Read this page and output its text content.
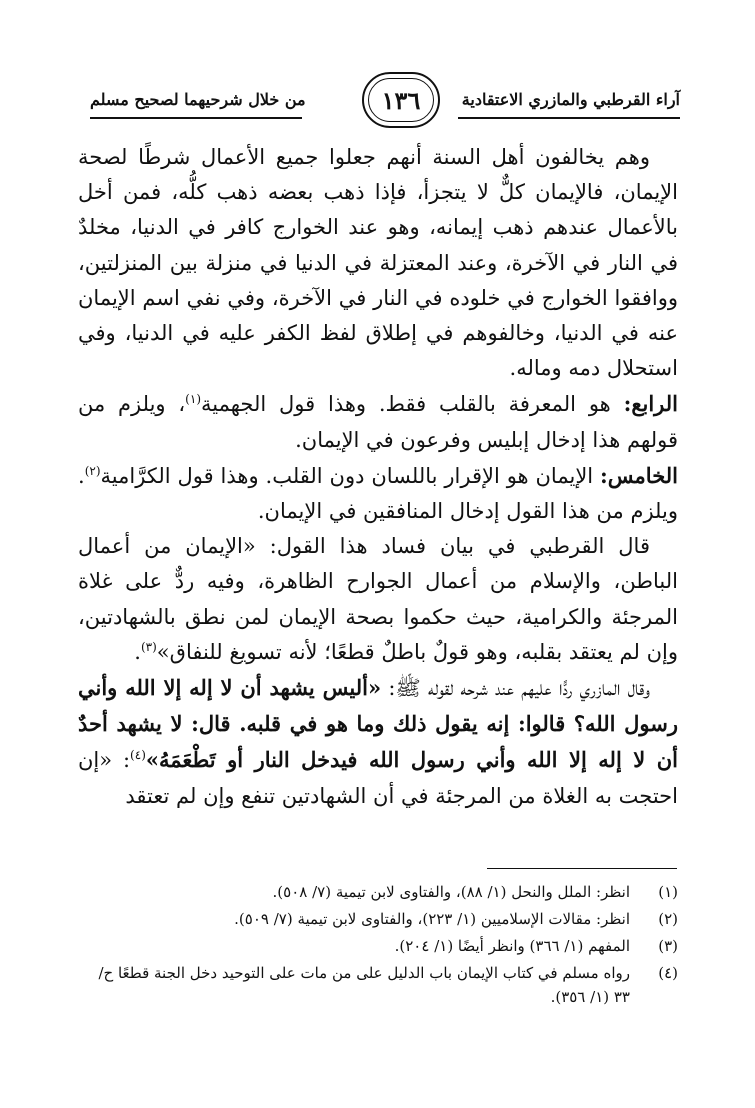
آراء القرطبي والمازري الاعتقادية
١٣٦
من خلال شرحيهما لصحيح مسلم

وهم يخالفون أهل السنة أنهم جعلوا جميع الأعمال شرطًا لصحة الإيمان، فالإيمان كلٌّ لا يتجزأ، فإذا ذهب بعضه ذهب كلُّه، فمن أخل بالأعمال عندهم ذهب إيمانه، وهو عند الخوارج كافر في الدنيا، مخلدٌ في النار في الآخرة، وعند المعتزلة في الدنيا في منزلة بين المنزلتين، ووافقوا الخوارج في خلوده في النار في الآخرة، وفي نفي اسم الإيمان عنه في الدنيا، وخالفوهم في إطلاق لفظ الكفر عليه في الدنيا، وفي استحلال دمه وماله.

الرابع: هو المعرفة بالقلب فقط. وهذا قول الجهمية$^{(١)}$، ويلزم من قولهم هذا إدخال إبليس وفرعون في الإيمان.

الخامس: الإيمان هو الإقرار باللسان دون القلب. وهذا قول الكرَّامية$^{(٢)}$. ويلزم من هذا القول إدخال المنافقين في الإيمان.

قال القرطبي في بيان فساد هذا القول: «الإيمان من أعمال الباطن، والإسلام من أعمال الجوارح الظاهرة، وفيه ردٌّ على غلاة المرجئة والكرامية، حيث حكموا بصحة الإيمان لمن نطق بالشهادتين، وإن لم يعتقد بقلبه، وهو قولٌ باطلٌ قطعًا؛ لأنه تسويغ للنفاق»$^{(٣)}$.

وقال المازري ردًّا عليهم عند شرحه لقوله ﷺ: «أليس يشهد أن لا إله إلا الله وأني رسول الله؟ قالوا: إنه يقول ذلك وما هو في قلبه. قال: لا يشهد أحدٌ أن لا إله إلا الله وأني رسول الله فيدخل النار أو تَطْعَمَهُ»$^{(٤)}$: «إن احتجت به الغلاة من المرجئة في أن الشهادتين تنفع وإن لم تعتقد

(١)
انظر: الملل والنحل (١/ ٨٨)، والفتاوى لابن تيمية (٧/ ٥٠٨).
(٢)
انظر: مقالات الإسلاميين (١/ ٢٢٣)، والفتاوى لابن تيمية (٧/ ٥٠٩).
(٣)
المفهم (١/ ٣٦٦) وانظر أيضًا (١/ ٢٠٤).
(٤)
رواه مسلم في كتاب الإيمان باب الدليل على من مات على التوحيد دخل الجنة قطعًا ح/ ٣٣ (١/ ٣٥٦).
